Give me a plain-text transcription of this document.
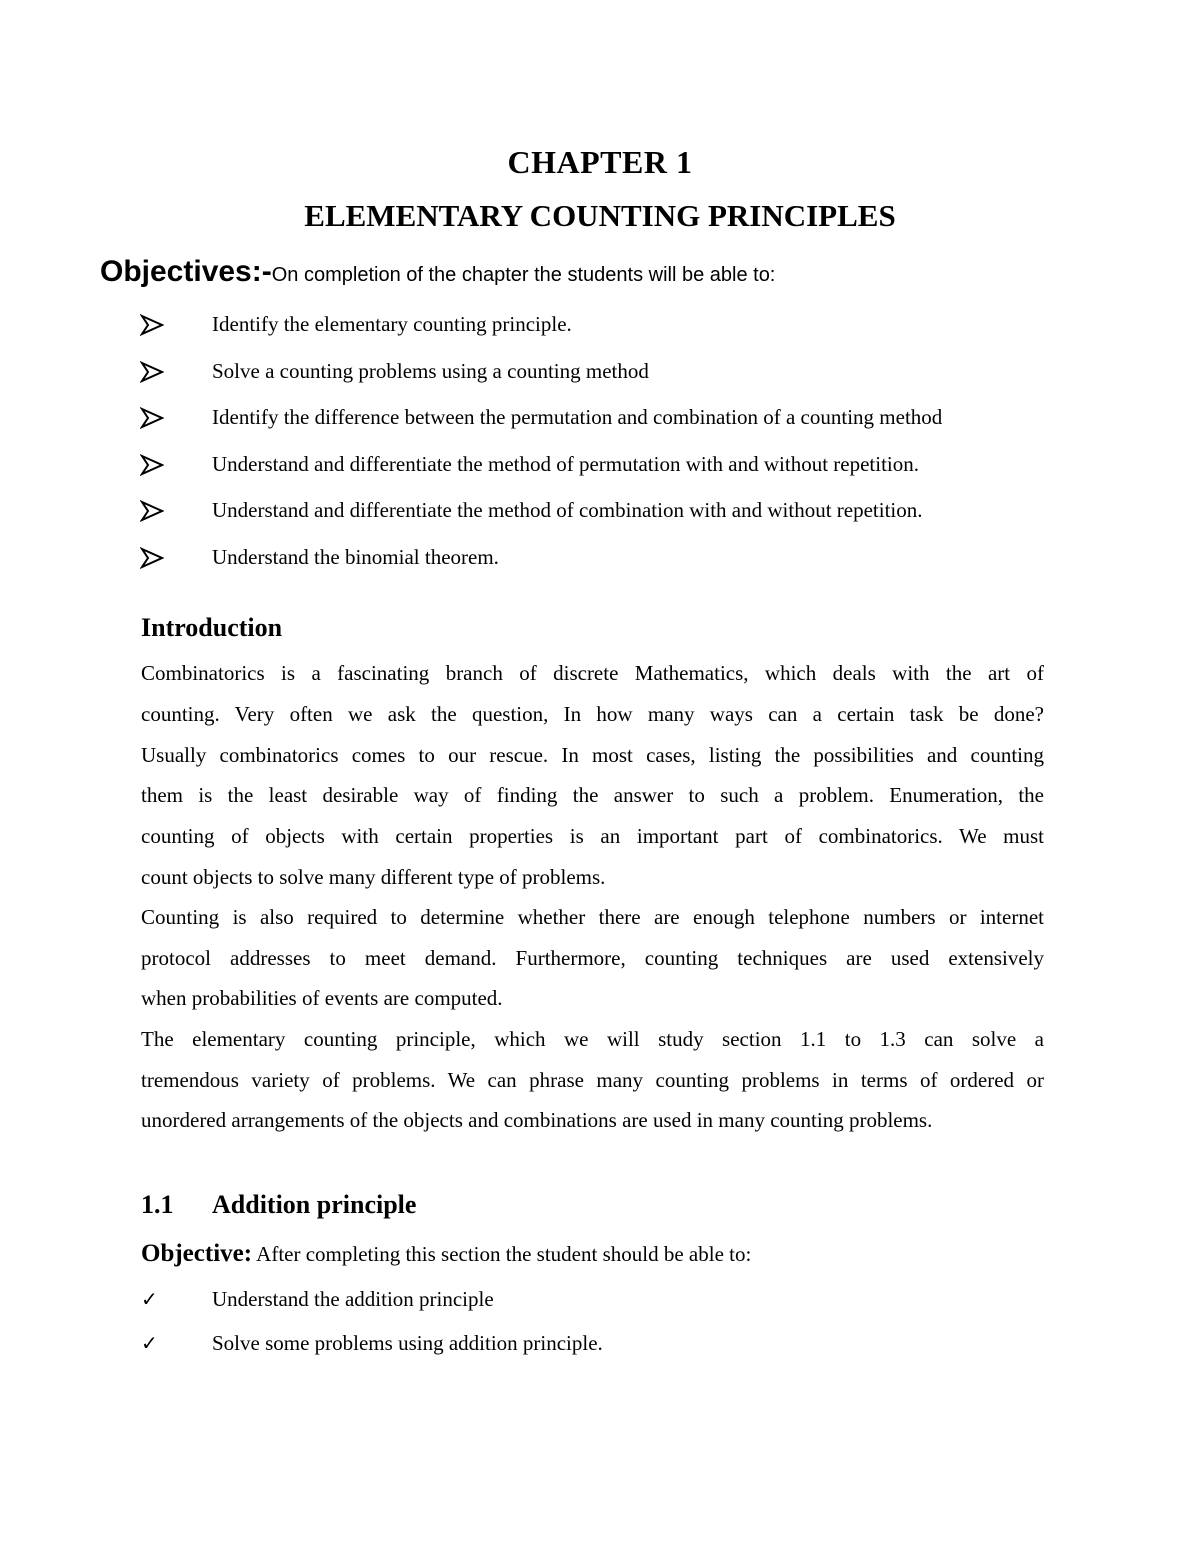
CHAPTER 1
ELEMENTARY COUNTING PRINCIPLES
Objectives:-On completion of the chapter the students will be able to:
Identify the elementary counting principle.
Solve a counting problems using a counting method
Identify the difference between the permutation and combination of a counting method
Understand and differentiate the method of permutation with and without repetition.
Understand and differentiate the method of combination with and without repetition.
Understand the binomial theorem.
Introduction
Combinatorics is a fascinating branch of discrete Mathematics, which deals with the art of
counting. Very often we ask the question, In how many ways can a certain task be done?
Usually combinatorics comes to our rescue. In most cases, listing the possibilities and counting
them is the least desirable way of finding the answer to such a problem. Enumeration, the
counting of objects with certain properties is an important part of combinatorics. We must
count objects to solve many different type of problems.
Counting is also required to determine whether there are enough telephone numbers or internet
protocol addresses to meet demand. Furthermore, counting techniques are used extensively
when probabilities of events are computed.
The elementary counting principle, which we will study section 1.1 to 1.3 can solve a
tremendous variety of problems. We can phrase many counting problems in terms of ordered or
unordered arrangements of the objects and combinations are used in many counting problems.
1.1 Addition principle
Objective: After completing this section the student should be able to:
✓	Understand the addition principle
✓	Solve some problems using addition principle.
